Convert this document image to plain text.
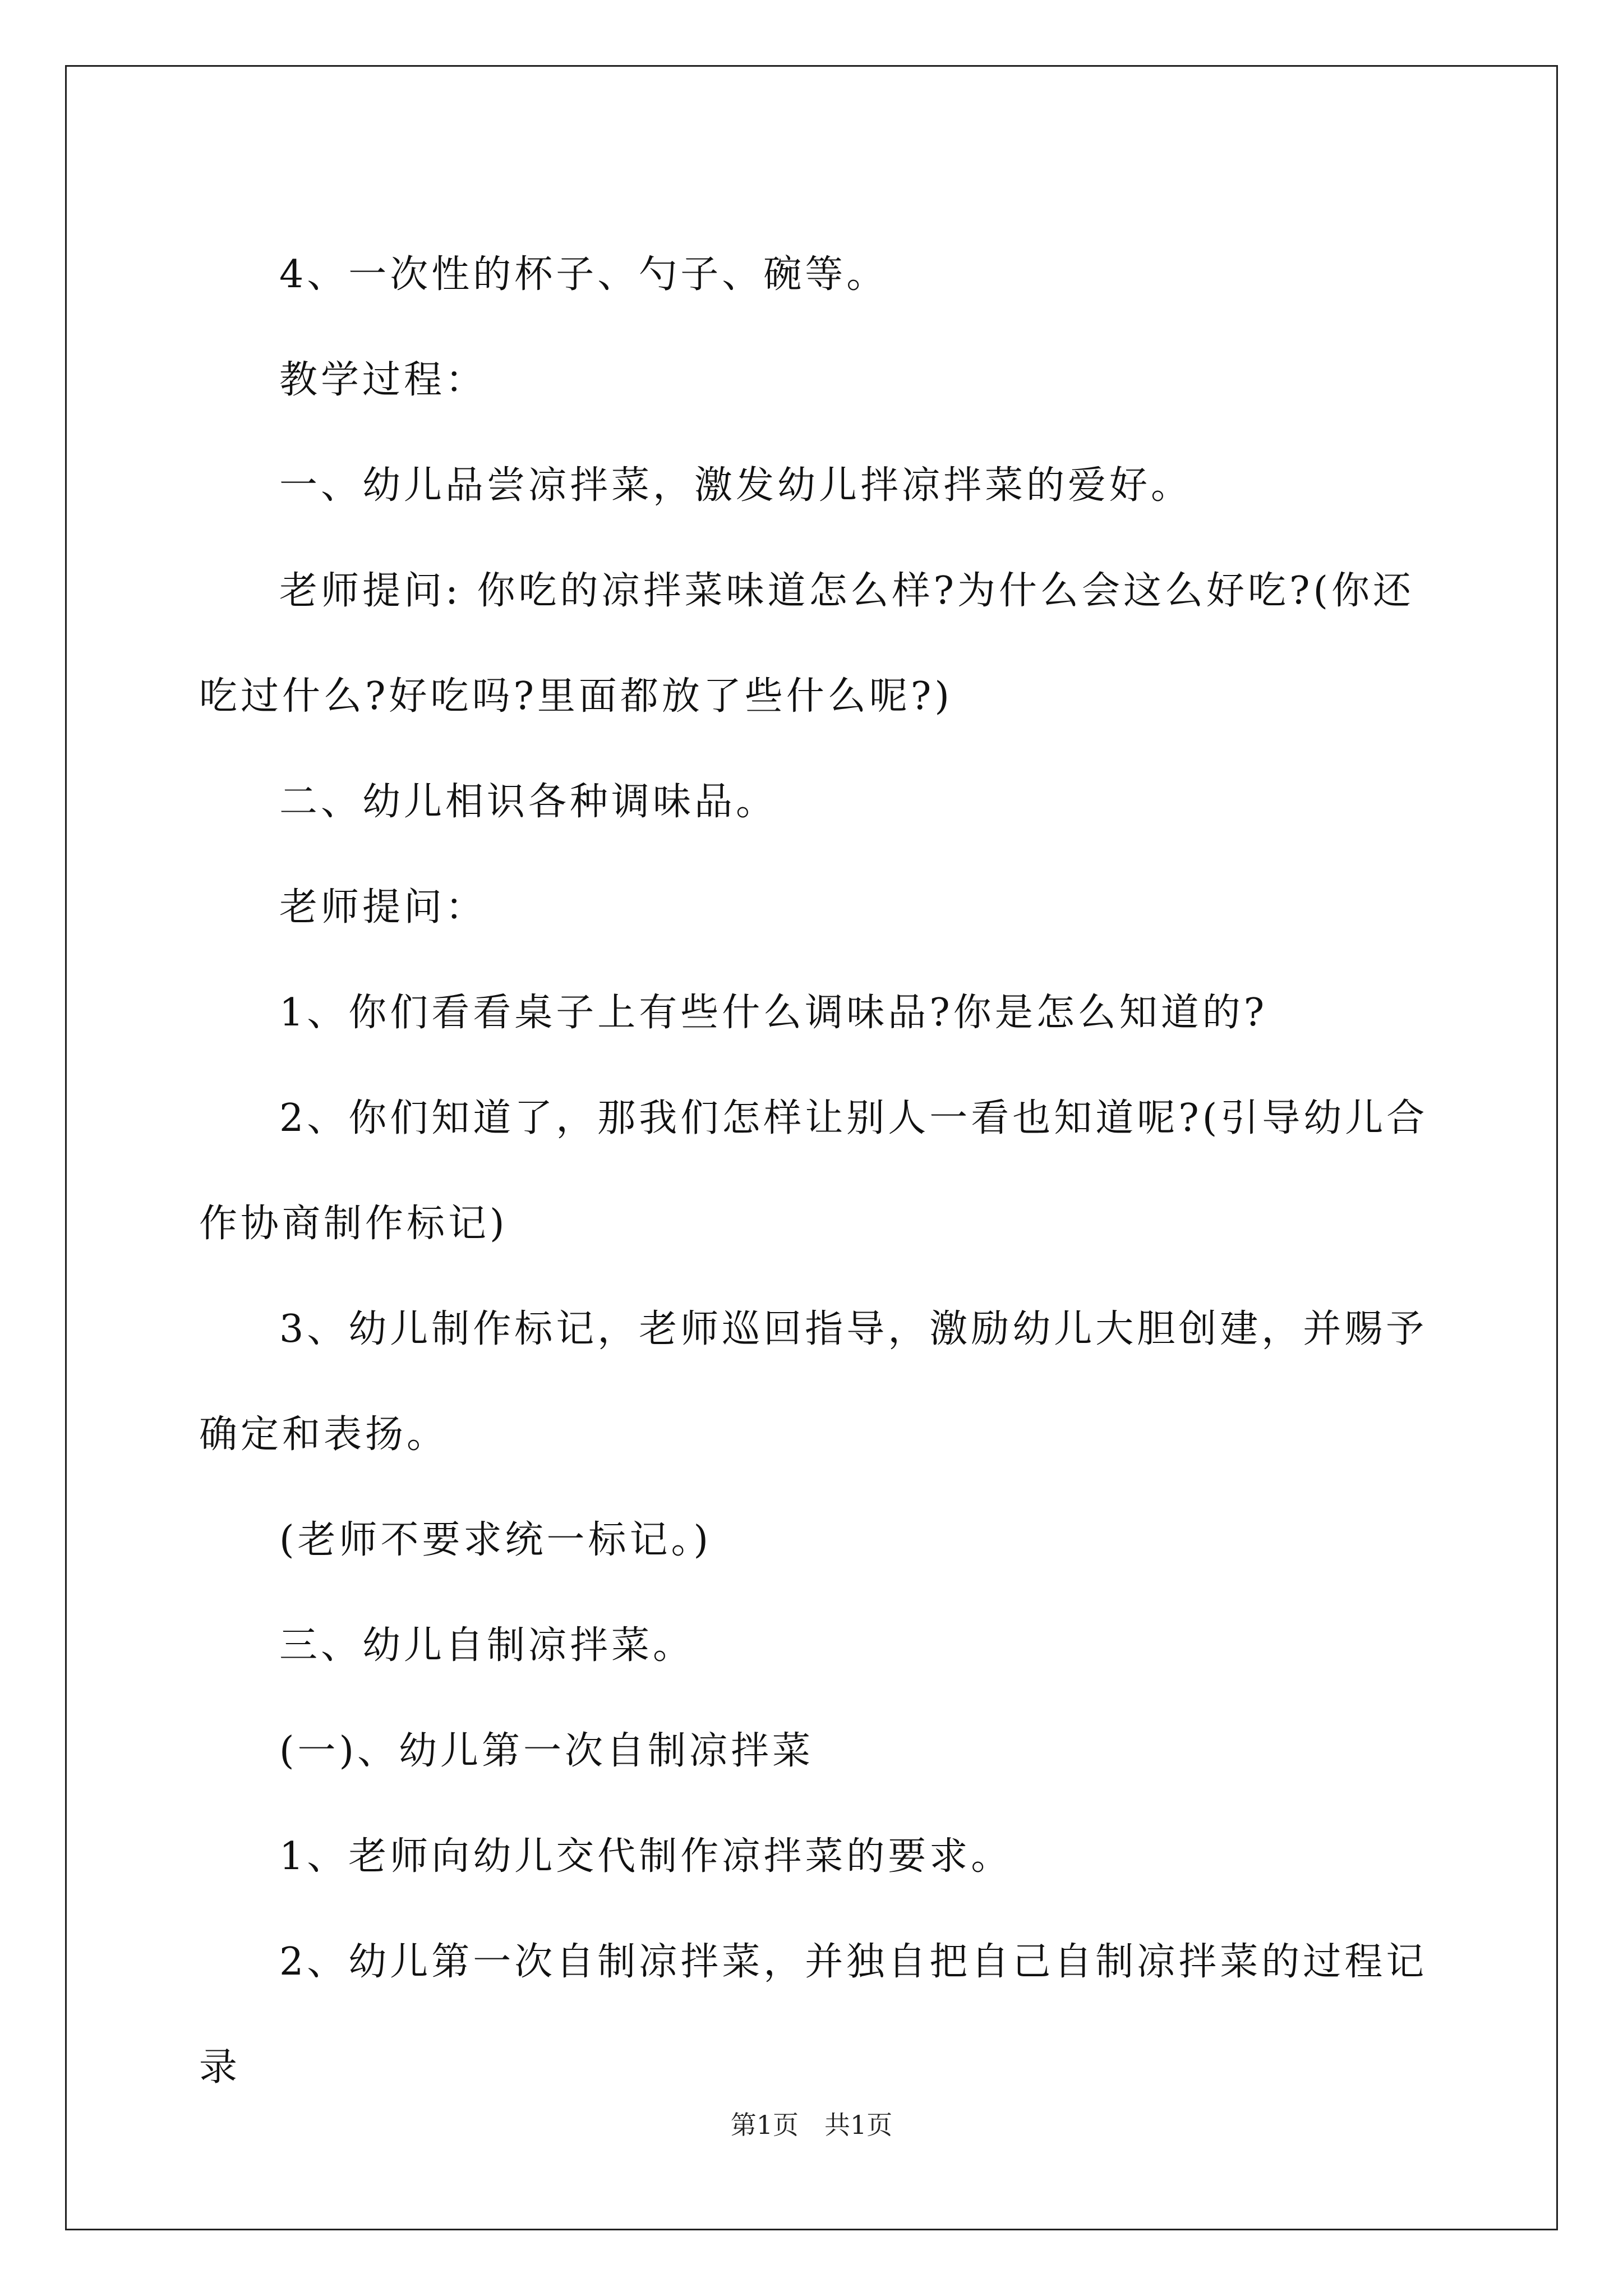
4、一次性的杯子、勺子、碗等。

教学过程：

一、幼儿品尝凉拌菜，激发幼儿拌凉拌菜的爱好。

老师提问: 你吃的凉拌菜味道怎么样?为什么会这么好吃?(你还吃过什么?好吃吗?里面都放了些什么呢?)

二、幼儿相识各种调味品。

老师提问：

1、你们看看桌子上有些什么调味品?你是怎么知道的?

2、你们知道了，那我们怎样让别人一看也知道呢?(引导幼儿合作协商制作标记)

3、幼儿制作标记，老师巡回指导，激励幼儿大胆创建，并赐予确定和表扬。

(老师不要求统一标记。)

三、幼儿自制凉拌菜。

(一)、幼儿第一次自制凉拌菜

1、老师向幼儿交代制作凉拌菜的要求。

2、幼儿第一次自制凉拌菜，并独自把自己自制凉拌菜的过程记录

第1页　共1页
